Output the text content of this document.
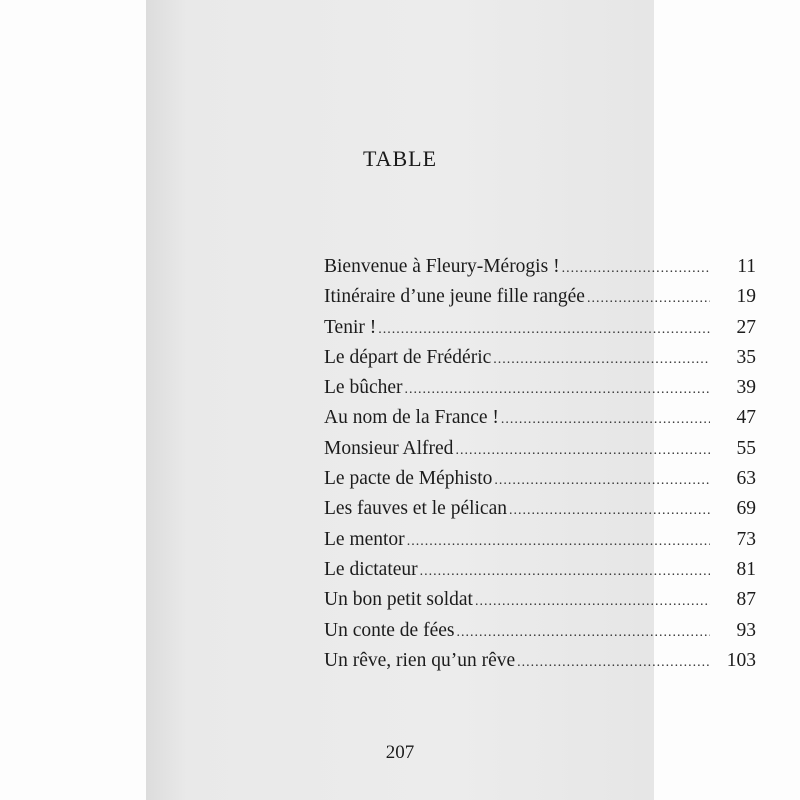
TABLE
Bienvenue à Fleury-Mérogis ! .....	11
Itinéraire d’une jeune fille rangée .....	19
Tenir ! .....	27
Le départ de Frédéric .....	35
Le bûcher .....	39
Au nom de la France ! .....	47
Monsieur Alfred .....	55
Le pacte de Méphisto .....	63
Les fauves et le pélican .....	69
Le mentor .....	73
Le dictateur .....	81
Un bon petit soldat .....	87
Un conte de fées .....	93
Un rêve, rien qu’un rêve .....	103
207
